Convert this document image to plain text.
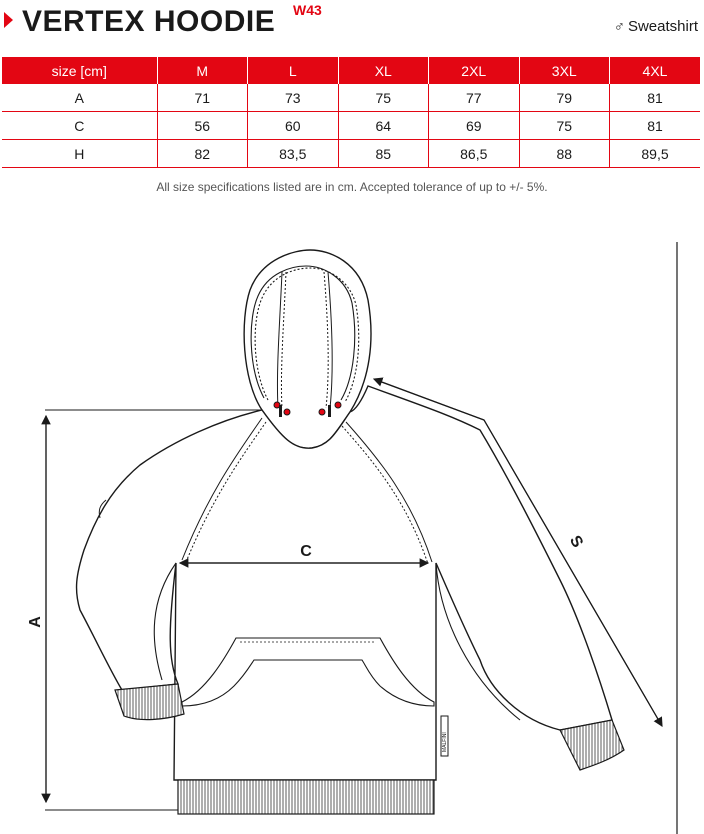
VERTEX HOODIE W43
♂ Sweatshirt
size [cm]	M	L	XL	2XL	3XL	4XL
A	71	73	75	77	79	81
C	56	60	64	69	75	81
H	82	83,5	85	86,5	88	89,5
All size specifications listed are in cm. Accepted tolerance of up to +/- 5%.
MALFINI
A
C
S
